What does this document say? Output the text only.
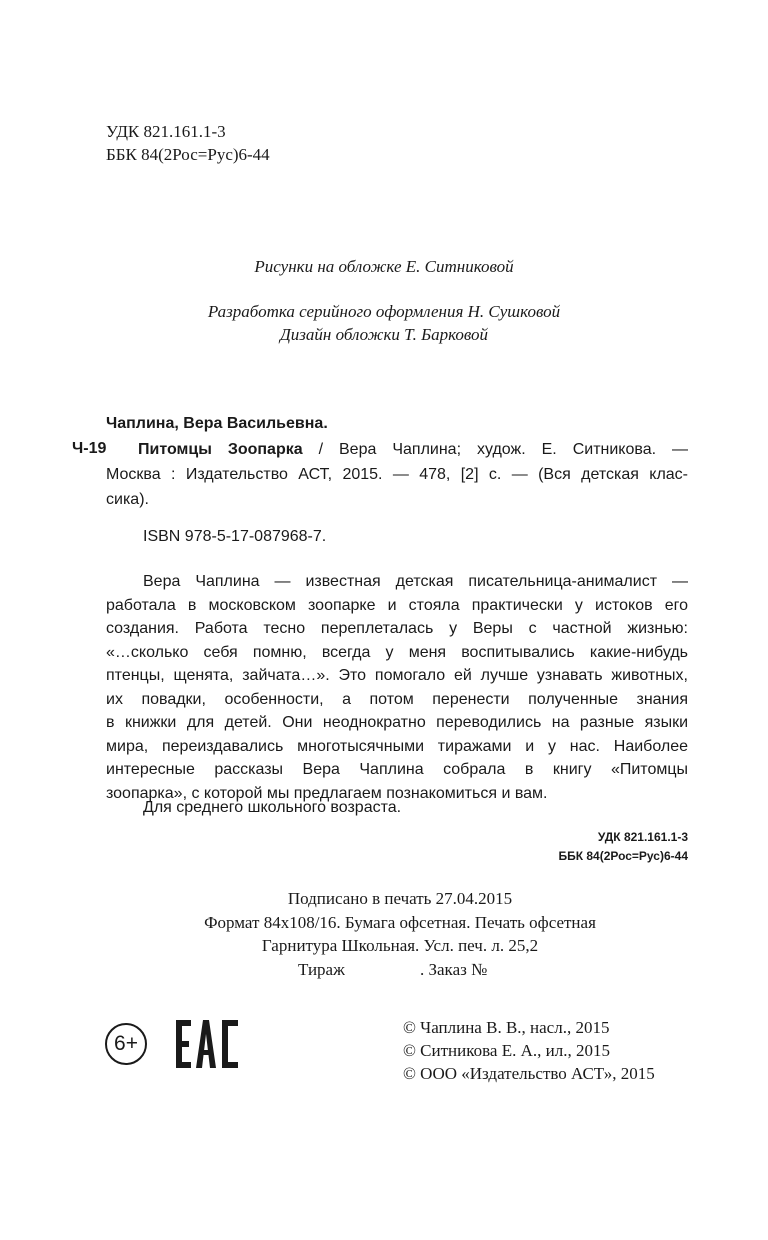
УДК 821.161.1-3
ББК 84(2Рос=Рус)6-44
Рисунки на обложке Е. Ситниковой
Разработка серийного оформления Н. Сушковой
Дизайн обложки Т. Барковой
Чаплина, Вера Васильевна.
Ч-19	Питомцы Зоопарка / Вера Чаплина; худож. Е. Ситникова. —
Москва : Издательство АСТ, 2015. — 478, [2] с. — (Вся детская клас-
сика).
ISBN 978-5-17-087968-7.
Вера Чаплина — известная детская писательница-анималист —
работала в московском зоопарке и стояла практически у истоков его
создания. Работа тесно переплеталась у Веры с частной жизнью:
«…сколько себя помню, всегда у меня воспитывались какие-нибудь
птенцы, щенята, зайчата…». Это помогало ей лучше узнавать животных,
их повадки, особенности, а потом перенести полученные знания
в книжки для детей. Они неоднократно переводились на разные языки
мира, переиздавались многотысячными тиражами и у нас. Наиболее
интересные рассказы Вера Чаплина собрала в книгу «Питомцы
зоопарка», с которой мы предлагаем познакомиться и вам.
Для среднего школьного возраста.
УДК 821.161.1-3
ББК 84(2Рос=Рус)6-44
Подписано в печать 27.04.2015
Формат 84x108/16. Бумага офсетная. Печать офсетная
Гарнитура Школьная. Усл. печ. л. 25,2
Тираж	. Заказ №
6+
© Чаплина В. В., насл., 2015
© Ситникова Е. А., ил., 2015
© ООО «Издательство АСТ», 2015
